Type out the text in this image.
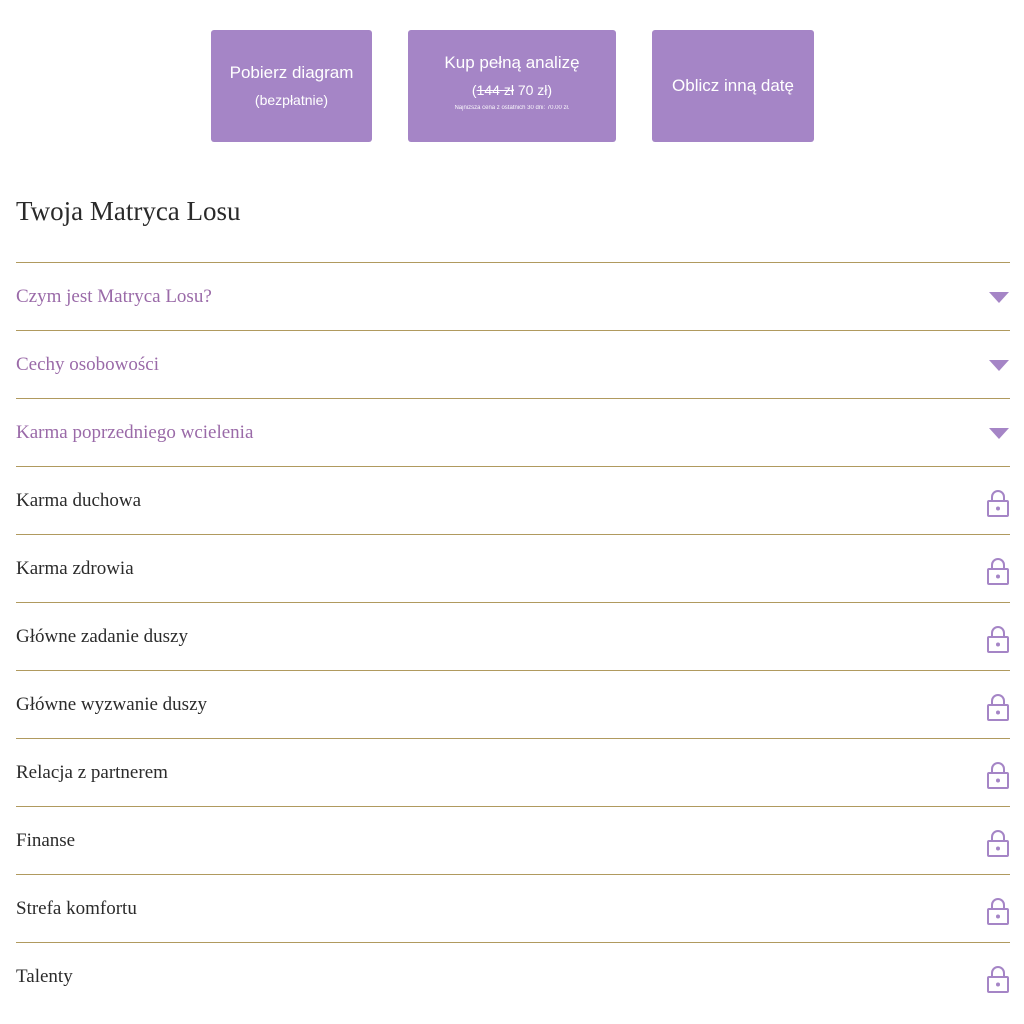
Pobierz diagram
(bezpłatnie)
Kup pełną analizę
(144 zł 70 zł)
Najniższa cena z ostatnich 30 dni: 70.00 zł.
Oblicz inną datę
Twoja Matryca Losu
Czym jest Matryca Losu?
Cechy osobowości
Karma poprzedniego wcielenia
Karma duchowa
Karma zdrowia
Główne zadanie duszy
Główne wyzwanie duszy
Relacja z partnerem
Finanse
Strefa komfortu
Talenty
